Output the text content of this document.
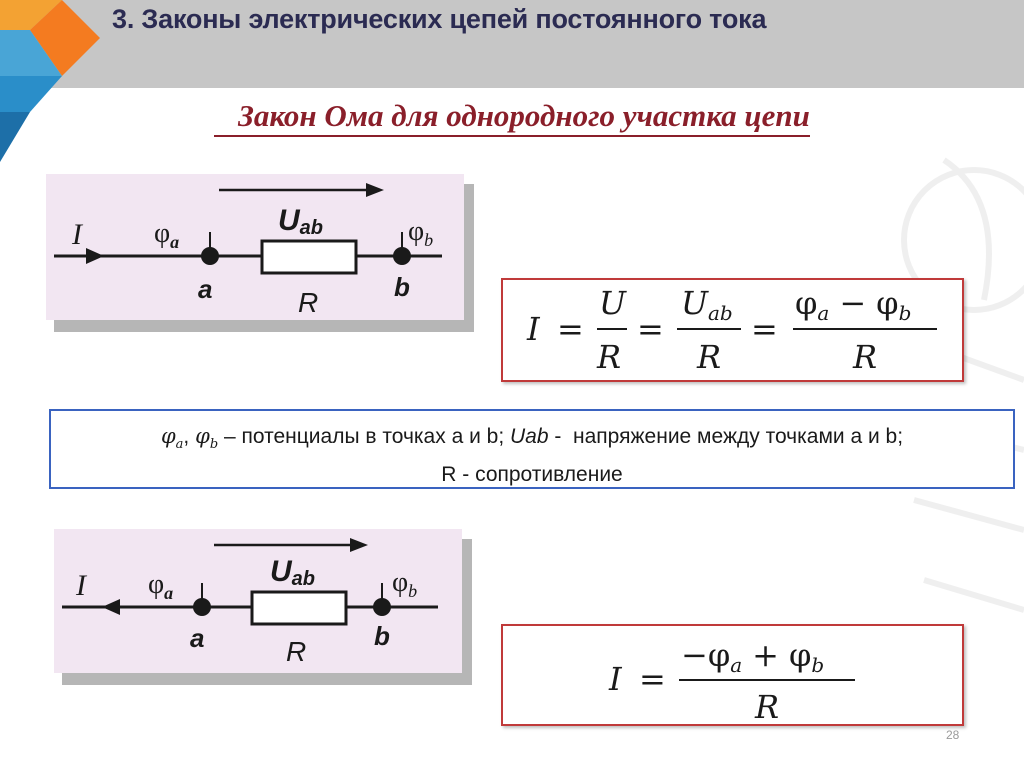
3. Законы электрических цепей постоянного тока
Закон Ома для однородного участка цепи
I	$\varphi_a$	$\varphi_b$
Uab
a	b
R
I =
U
R
=
Uab
R
=
φa − φb
R
$\varphi_a$, $\varphi_b$ – потенциалы в точках a и b; Uab -  напряжение между точками a и b;
R - сопротивление
I $\varphi_a$	$\varphi_b$
Uab
a	b
R
I =
−φa + φb
R
28
